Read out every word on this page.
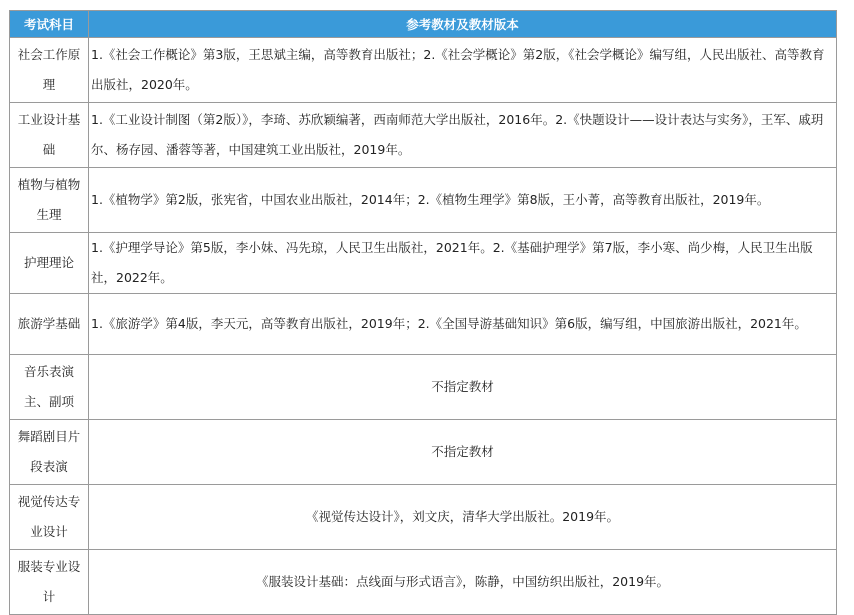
考试科目	参考教材及教材版本
社会工作原理	1.《社会工作概论》第3版，王思斌主编，高等教育出版社；2.《社会学概论》第2版，《社会学概论》编写组，人民出版社、高等教育出版社，2020年。
工业设计基础	1.《工业设计制图（第2版）》，李琦、苏欣颖编著，西南师范大学出版社，2016年。2.《快题设计——设计表达与实务》，王军、戚玥尔、杨存园、潘蓉等著，中国建筑工业出版社，2019年。
植物与植物生理	1.《植物学》第2版，张宪省，中国农业出版社，2014年；2.《植物生理学》第8版，王小菁，高等教育出版社，2019年。
护理理论	1.《护理学导论》第5版，李小妹、冯先琼，人民卫生出版社，2021年。2.《基础护理学》第7版，李小寒、尚少梅，人民卫生出版社，2022年。
旅游学基础	1.《旅游学》第4版，李天元，高等教育出版社，2019年；2.《全国导游基础知识》第6版，编写组，中国旅游出版社，2021年。
音乐表演主、副项	不指定教材
舞蹈剧目片段表演	不指定教材
视觉传达专业设计	《视觉传达设计》，刘文庆，清华大学出版社。2019年。
服装专业设计	《服装设计基础：点线面与形式语言》，陈静，中国纺织出版社，2019年。
